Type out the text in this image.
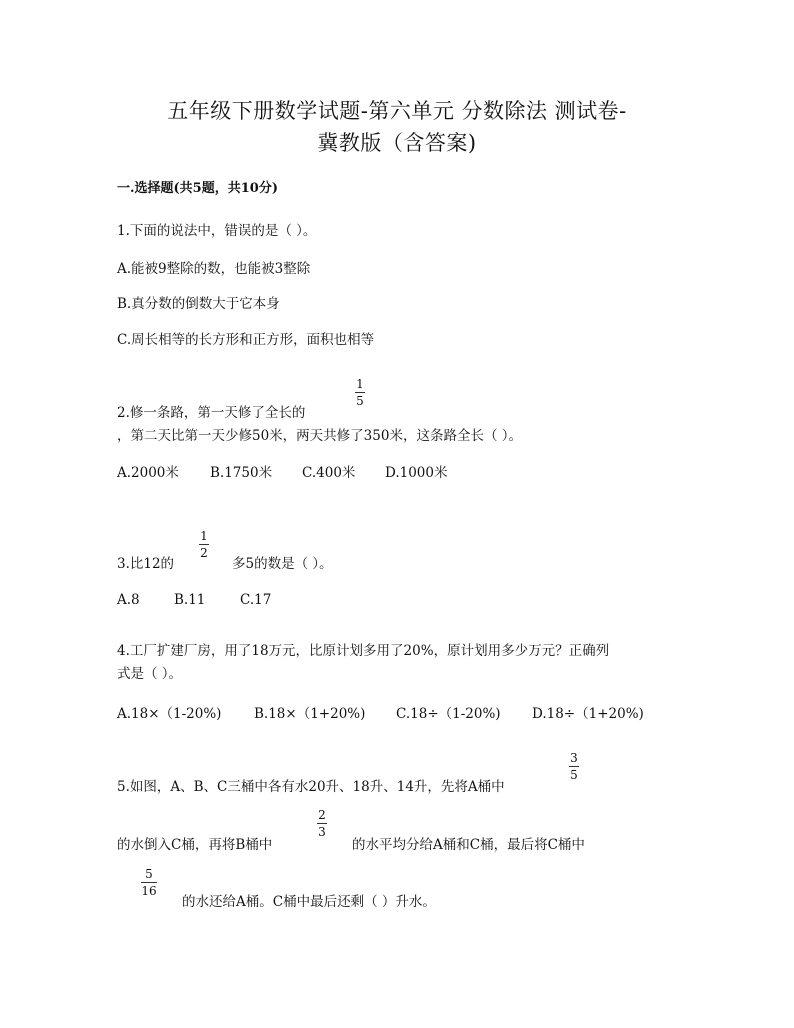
五年级下册数学试题-第六单元 分数除法 测试卷-
冀教版（含答案)
一.选择题(共5题，共10分)
1.下面的说法中，错误的是（ ）。
A.能被9整除的数，也能被3整除
B.真分数的倒数大于它本身
C.周长相等的长方形和正方形，面积也相等
1
5
2.修一条路，第一天修了全长的
，第二天比第一天少修50米，两天共修了350米，这条路全长（ ）。
A.2000米 B.1750米 C.400米 D.1000米
3.比12的
1
2
多5的数是（ ）。
A.8	B.11	C.17
4.工厂扩建厂房，用了18万元，比原计划多用了20%，原计划用多少万元？正确列
式是（ ）。
A.18×（1-20%) B.18×（1+20%) C.18÷（1-20%) D.18÷（1+20%)
3
5
5.如图，A、B、C三桶中各有水20升、18升、14升，先将A桶中
2
3
的水倒入C桶，再将B桶中	的水平均分给A桶和C桶，最后将C桶中
5
16
的水还给A桶。C桶中最后还剩（ ）升水。
